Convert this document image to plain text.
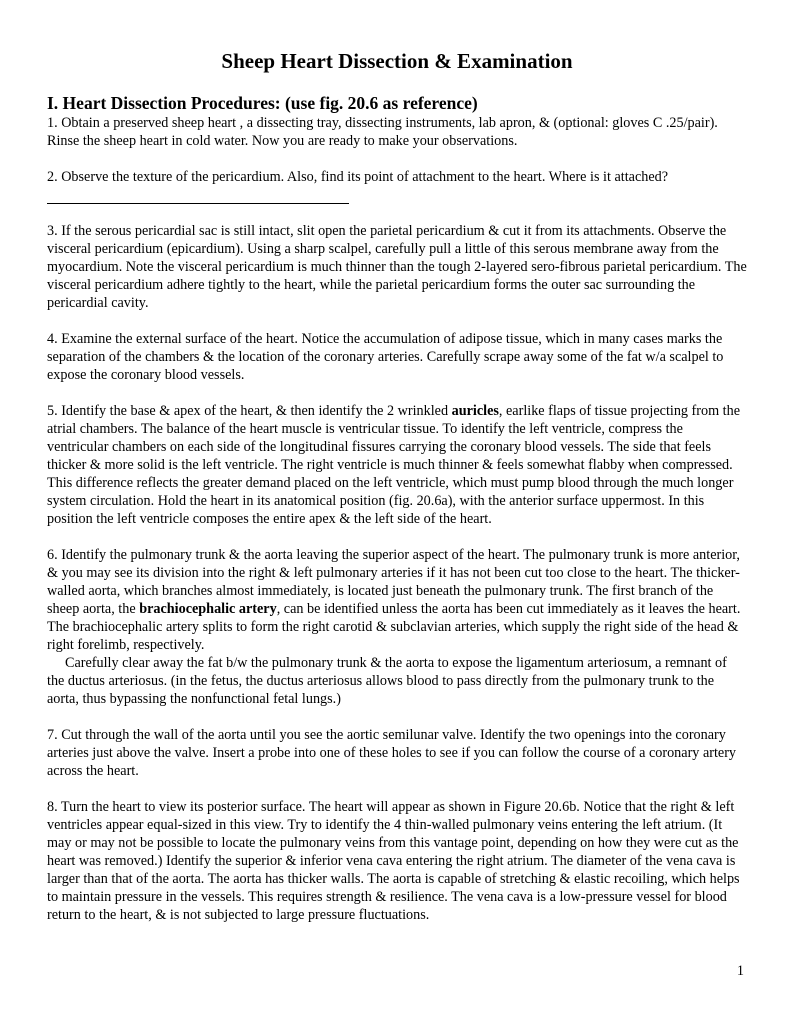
Sheep Heart Dissection & Examination
I. Heart Dissection Procedures: (use fig. 20.6 as reference)

1. Obtain a preserved sheep heart , a dissecting tray, dissecting instruments, lab apron, & (optional: gloves C .25/pair). Rinse the sheep heart in cold water. Now you are ready to make your observations.

2. Observe the texture of the pericardium. Also, find its point of attachment to the heart. Where is it attached?

3. If the serous pericardial sac is still intact, slit open the parietal pericardium & cut it from its attachments. Observe the visceral pericardium (epicardium). Using a sharp scalpel, carefully pull a little of this serous membrane away from the myocardium. Note the visceral pericardium is much thinner than the tough 2-layered sero-fibrous parietal pericardium. The visceral pericardium adhere tightly to the heart, while the parietal pericardium forms the outer sac surrounding the pericardial cavity.

4. Examine the external surface of the heart. Notice the accumulation of adipose tissue, which in many cases marks the separation of the chambers & the location of the coronary arteries. Carefully scrape away some of the fat w/a scalpel to expose the coronary blood vessels.

5. Identify the base & apex of the heart, & then identify the 2 wrinkled auricles, earlike flaps of tissue projecting from the atrial chambers. The balance of the heart muscle is ventricular tissue. To identify the left ventricle, compress the ventricular chambers on each side of the longitudinal fissures carrying the coronary blood vessels. The side that feels thicker & more solid is the left ventricle. The right ventricle is much thinner & feels somewhat flabby when compressed. This difference reflects the greater demand placed on the left ventricle, which must pump blood through the much longer system circulation. Hold the heart in its anatomical position (fig. 20.6a), with the anterior surface uppermost. In this position the left ventricle composes the entire apex & the left side of the heart.

6. Identify the pulmonary trunk & the aorta leaving the superior aspect of the heart. The pulmonary trunk is more anterior, & you may see its division into the right & left pulmonary arteries if it has not been cut too close to the heart. The thicker-walled aorta, which branches almost immediately, is located just beneath the pulmonary trunk. The first branch of the sheep aorta, the brachiocephalic artery, can be identified unless the aorta has been cut immediately as it leaves the heart. The brachiocephalic artery splits to form the right carotid & subclavian arteries, which supply the right side of the head & right forelimb, respectively.

Carefully clear away the fat b/w the pulmonary trunk & the aorta to expose the ligamentum arteriosum, a remnant of the ductus arteriosus. (in the fetus, the ductus arteriosus allows blood to pass directly from the pulmonary trunk to the aorta, thus bypassing the nonfunctional fetal lungs.)

7. Cut through the wall of the aorta until you see the aortic semilunar valve. Identify the two openings into the coronary arteries just above the valve. Insert a probe into one of these holes to see if you can follow the course of a coronary artery across the heart.

8. Turn the heart to view its posterior surface. The heart will appear as shown in Figure 20.6b. Notice that the right & left ventricles appear equal-sized in this view. Try to identify the 4 thin-walled pulmonary veins entering the left atrium. (It may or may not be possible to locate the pulmonary veins from this vantage point, depending on how they were cut as the heart was removed.) Identify the superior & inferior vena cava entering the right atrium. The diameter of the vena cava is larger than that of the aorta. The aorta has thicker walls. The aorta is capable of stretching & elastic recoiling, which helps to maintain pressure in the vessels. This requires strength & resilience. The vena cava is a low-pressure vessel for blood return to the heart, & is not subjected to large pressure fluctuations.

1
